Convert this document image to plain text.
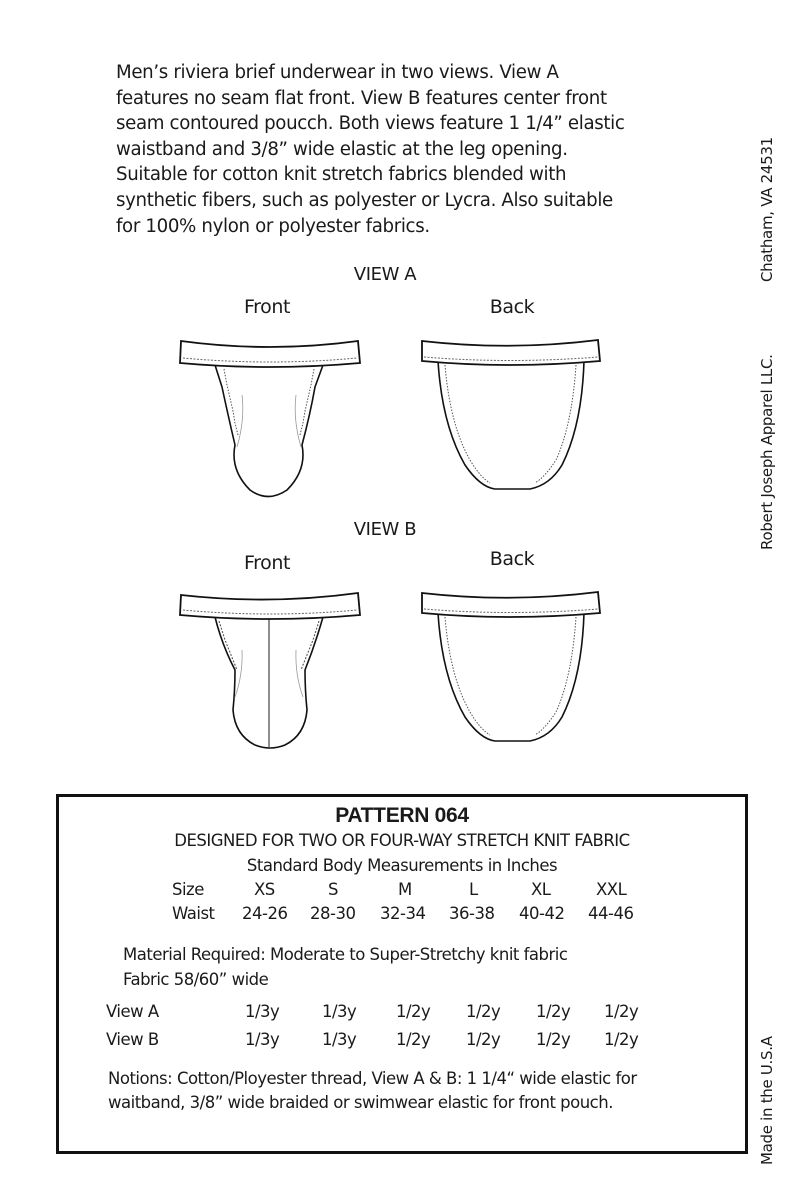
Men’s riviera brief underwear in two views. View A

features no seam flat front. View B features center front

seam contoured poucch. Both views feature 1 1/4” elastic

waistband and 3/8” wide elastic at the leg opening.

Suitable for cotton knit stretch fabrics blended with

synthetic fibers, such as polyester or Lycra. Also suitable

for 100% nylon or polyester fabrics.	Chatham, VA 24531
Robert Joseph Apparel LLC.
Made in the U.S.A
VIEW A
Front	Back
VIEW B
Front	Back
PATTERN 064
DESIGNED FOR TWO OR FOUR-WAY STRETCH KNIT FABRIC
Standard Body Measurements in Inches
Size	XS	S	M	L	XL	XXL
Waist 24-26 28-30 32-34 36-38 40-42 44-46
Material Required: Moderate to Super-Stretchy knit fabric
Fabric 58/60” wide
View A	1/3y	1/3y 1/2y 1/2y 1/2y 1/2y
View B	1/3y	1/3y 1/2y 1/2y 1/2y 1/2y
Notions: Cotton/Ployester thread, View A & B: 1 1/4“ wide elastic for
waitband, 3/8” wide braided or swimwear elastic for front pouch.
